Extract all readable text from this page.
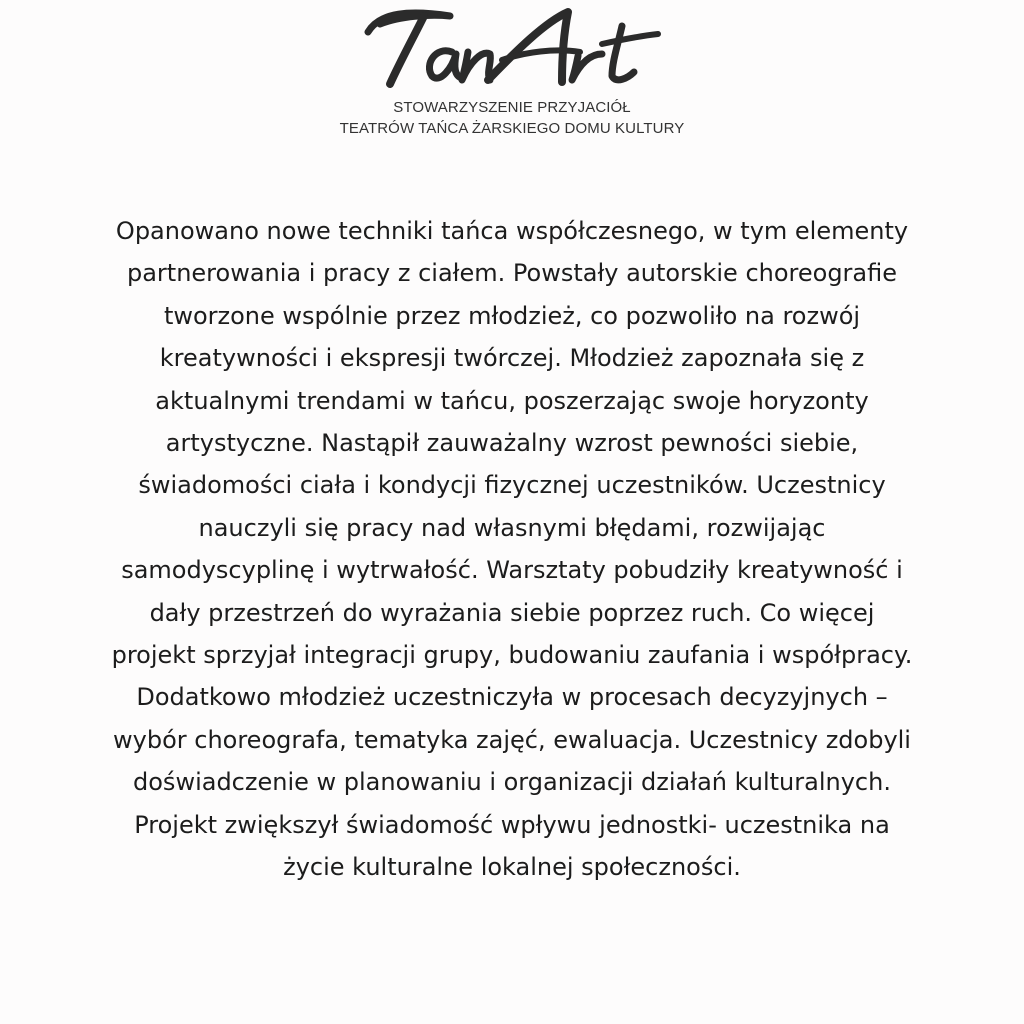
STOWARZYSZENIE PRZYJACIÓŁ
TEATRÓW TAŃCA ŻARSKIEGO DOMU KULTURY

Opanowano nowe techniki tańca współczesnego, w tym elementy
partnerowania i pracy z ciałem. Powstały autorskie choreografie
tworzone wspólnie przez młodzież, co pozwoliło na rozwój
kreatywności i ekspresji twórczej. Młodzież zapoznała się z
aktualnymi trendami w tańcu, poszerzając swoje horyzonty
artystyczne. Nastąpił zauważalny wzrost pewności siebie,
świadomości ciała i kondycji fizycznej uczestników. Uczestnicy
nauczyli się pracy nad własnymi błędami, rozwijając
samodyscyplinę i wytrwałość. Warsztaty pobudziły kreatywność i
dały przestrzeń do wyrażania siebie poprzez ruch. Co więcej
projekt sprzyjał integracji grupy, budowaniu zaufania i współpracy.
Dodatkowo młodzież uczestniczyła w procesach decyzyjnych –
wybór choreografa, tematyka zajęć, ewaluacja. Uczestnicy zdobyli
doświadczenie w planowaniu i organizacji działań kulturalnych.
Projekt zwiększył świadomość wpływu jednostki- uczestnika na
życie kulturalne lokalnej społeczności.
